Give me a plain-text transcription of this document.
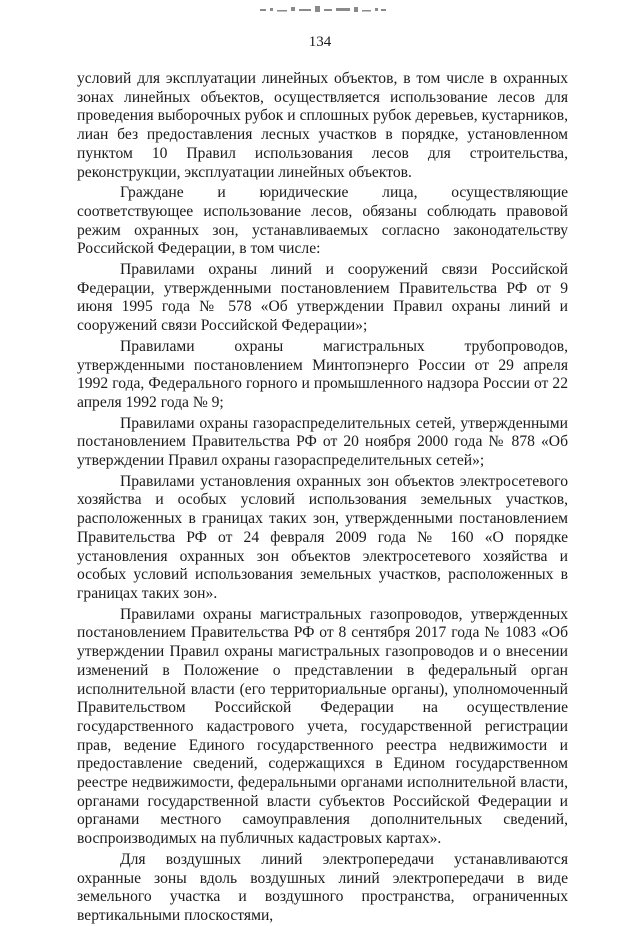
134

условий для эксплуатации линейных объектов, в том числе в охранных зонах линейных объектов, осуществляется использование лесов для проведения выборочных рубок и сплошных рубок деревьев, кустарников, лиан без предоставления лесных участков в порядке, установленном пунктом 10 Правил использования лесов для строительства, реконструкции, эксплуатации линейных объектов.

Граждане и юридические лица, осуществляющие соответствующее использование лесов, обязаны соблюдать правовой режим охранных зон, устанавливаемых согласно законодательству Российской Федерации, в том числе:

Правилами охраны линий и сооружений связи Российской Федерации, утвержденными постановлением Правительства РФ от 9 июня 1995 года № 578 «Об утверждении Правил охраны линий и сооружений связи Российской Федерации»;

Правилами охраны магистральных трубопроводов, утвержденными постановлением Минтопэнерго России от 29 апреля 1992 года, Федерального горного и промышленного надзора России от 22 апреля 1992 года № 9;

Правилами охраны газораспределительных сетей, утвержденными постановлением Правительства РФ от 20 ноября 2000 года № 878 «Об утверждении Правил охраны газораспределительных сетей»;

Правилами установления охранных зон объектов электросетевого хозяйства и особых условий использования земельных участков, расположенных в границах таких зон, утвержденными постановлением Правительства РФ от 24 февраля 2009 года № 160 «О порядке установления охранных зон объектов электросетевого хозяйства и особых условий использования земельных участков, расположенных в границах таких зон».

Правилами охраны магистральных газопроводов, утвержденных постановлением Правительства РФ от 8 сентября 2017 года № 1083 «Об утверждении Правил охраны магистральных газопроводов и о внесении изменений в Положение о представлении в федеральный орган исполнительной власти (его территориальные органы), уполномоченный Правительством Российской Федерации на осуществление государственного кадастрового учета, государственной регистрации прав, ведение Единого государственного реестра недвижимости и предоставление сведений, содержащихся в Едином государственном реестре недвижимости, федеральными органами исполнительной власти, органами государственной власти субъектов Российской Федерации и органами местного самоуправления дополнительных сведений, воспроизводимых на публичных кадастровых картах».

Для воздушных линий электропередачи устанавливаются охранные зоны вдоль воздушных линий электропередачи в виде земельного участка и воздушного пространства, ограниченных вертикальными плоскостями,
